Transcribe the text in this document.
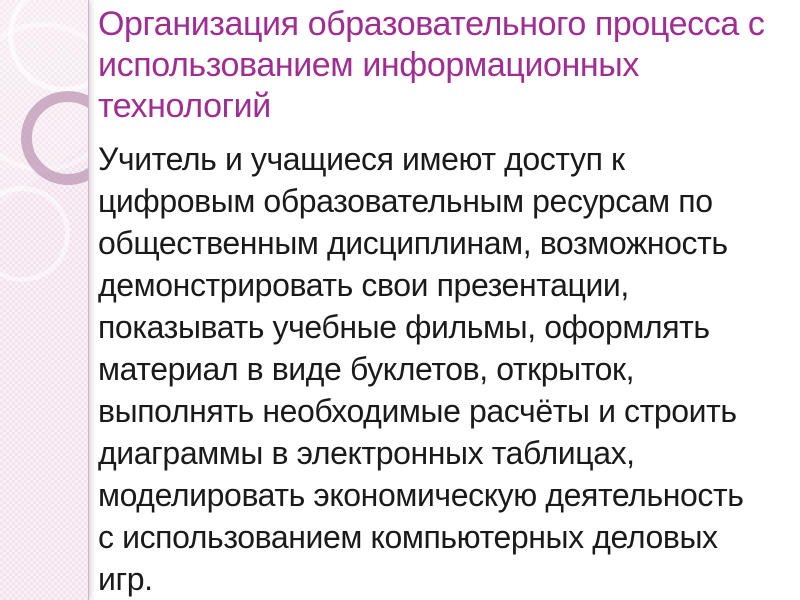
Организация образовательного процесса с
использованием информационных
технологий
Учитель и учащиеся имеют доступ к
цифровым образовательным ресурсам по
общественным дисциплинам, возможность
демонстрировать свои презентации,
показывать учебные фильмы, оформлять
материал в виде буклетов, открыток,
выполнять необходимые расчёты и строить
диаграммы в электронных таблицах,
моделировать экономическую деятельность
с использованием компьютерных деловых
игр.
